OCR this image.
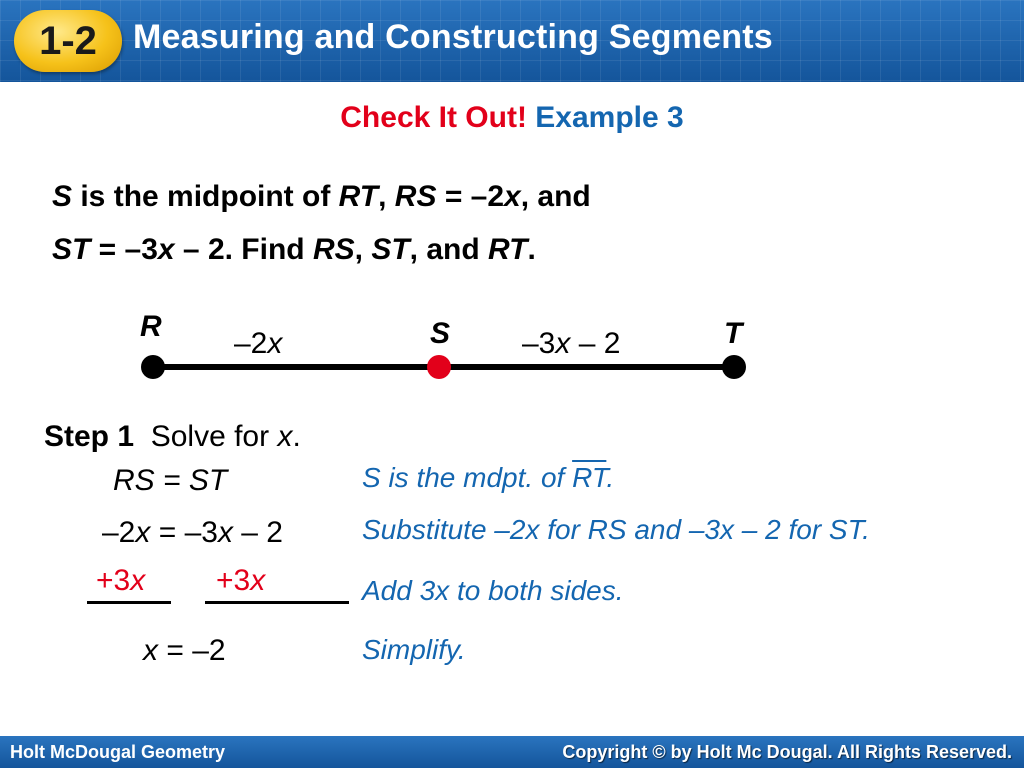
1-2 Measuring and Constructing Segments
Check It Out! Example 3
S is the midpoint of RT, RS = –2x, and
ST = –3x – 2. Find RS, ST, and RT.
R	S	T
–2x	–3x – 2
Step 1 Solve for x.
RS = ST	S is the mdpt. of $\overline{RT}$.
–2x = –3x – 2	Substitute –2x for RS and –3x – 2 for ST.
+3x +3x	Add 3x to both sides.
x = –2	Simplify.
Holt McDougal Geometry	Copyright © by Holt Mc Dougal. All Rights Reserved.
